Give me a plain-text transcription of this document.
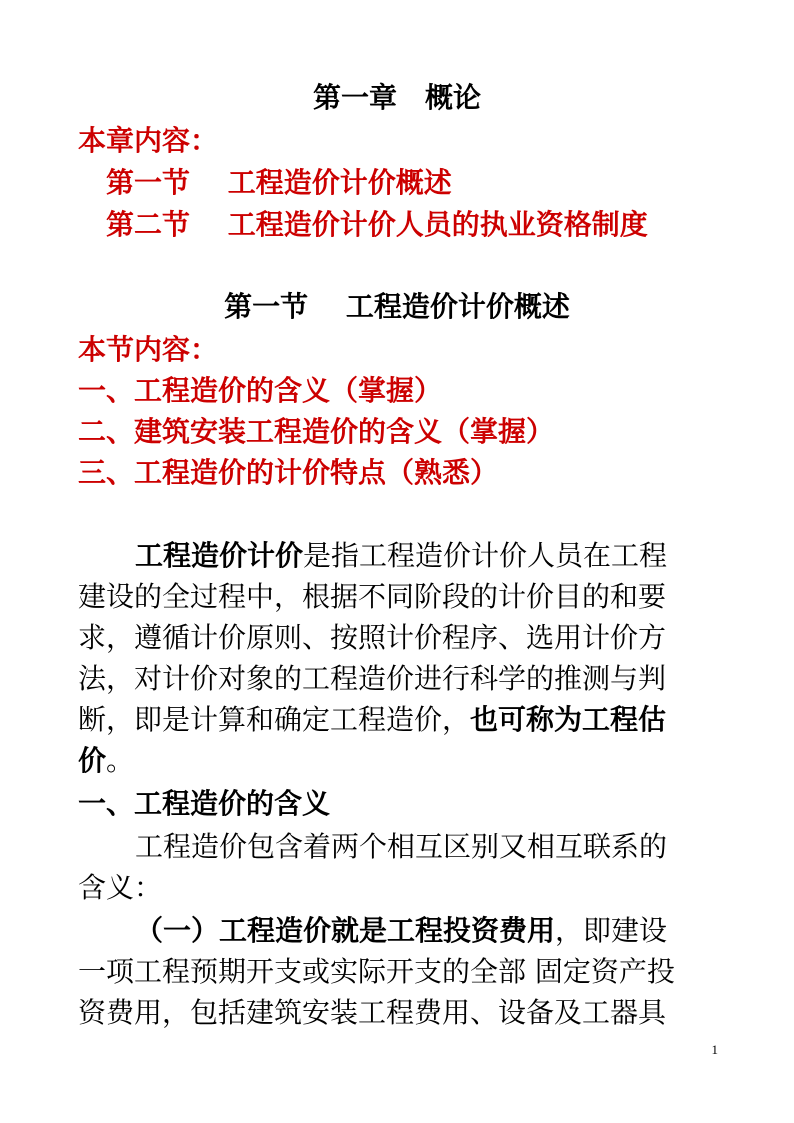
第一章　概论
本章内容：
第一节　 工程造价计价概述
第二节　 工程造价计价人员的执业资格制度
第一节　 工程造价计价概述
本节内容：
一、工程造价的含义（掌握）
二、建筑安装工程造价的含义（掌握）
三、工程造价的计价特点（熟悉）
工程造价计价是指工程造价计价人员在工程
建设的全过程中，根据不同阶段的计价目的和要
求，遵循计价原则、按照计价程序、选用计价方
法，对计价对象的工程造价进行科学的推测与判
断，即是计算和确定工程造价，也可称为工程估
价。
一、工程造价的含义
工程造价包含着两个相互区别又相互联系的
含义：
（一）工程造价就是工程投资费用，即建设
一项工程预期开支或实际开支的全部 固定资产投
资费用，包括建筑安装工程费用、设备及工器具
1
